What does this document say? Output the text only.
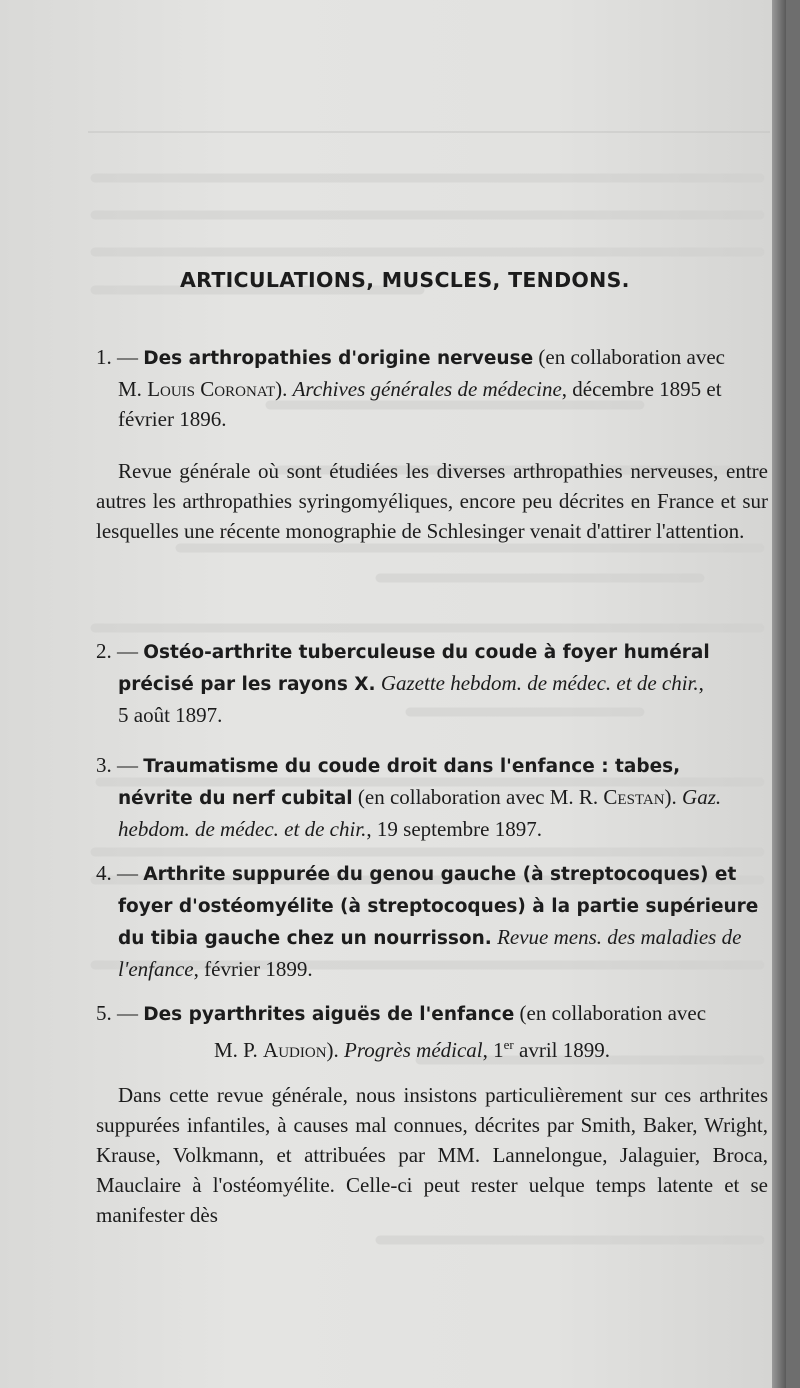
ARTICULATIONS, MUSCLES, TENDONS.

1. — Des arthropathies d'origine nerveuse (en collaboration avec

M. Louis Coronat). Archives générales de médecine, décembre 1895 et

février 1896.

Revue générale où sont étudiées les diverses arthropathies nerveuses, entre autres les arthropathies syringomyéliques, encore peu décrites en France et sur lesquelles une récente monographie de Schlesinger venait d'attirer l'attention.

2. — Ostéo-arthrite tuberculeuse du coude à foyer huméral

précisé par les rayons X. Gazette hebdom. de médec. et de chir.,

5 août 1897.

3. — Traumatisme du coude droit dans l'enfance : tabes,

névrite du nerf cubital (en collaboration avec M. R. Cestan). Gaz.

hebdom. de médec. et de chir., 19 septembre 1897.

4. — Arthrite suppurée du genou gauche (à streptocoques) et

foyer d'ostéomyélite (à streptocoques) à la partie supérieure

du tibia gauche chez un nourrisson. Revue mens. des maladies de

l'enfance, février 1899.

5. — Des pyarthrites aiguës de l'enfance (en collaboration avec

M. P. Audion). Progrès médical, 1er avril 1899.

Dans cette revue générale, nous insistons particulièrement sur ces arthrites suppurées infantiles, à causes mal connues, décrites par Smith, Baker, Wright, Krause, Volkmann, et attribuées par MM. Lannelongue, Jalaguier, Broca, Mauclaire à l'ostéomyélite. Celle-ci peut rester uelque temps latente et se manifester dès
